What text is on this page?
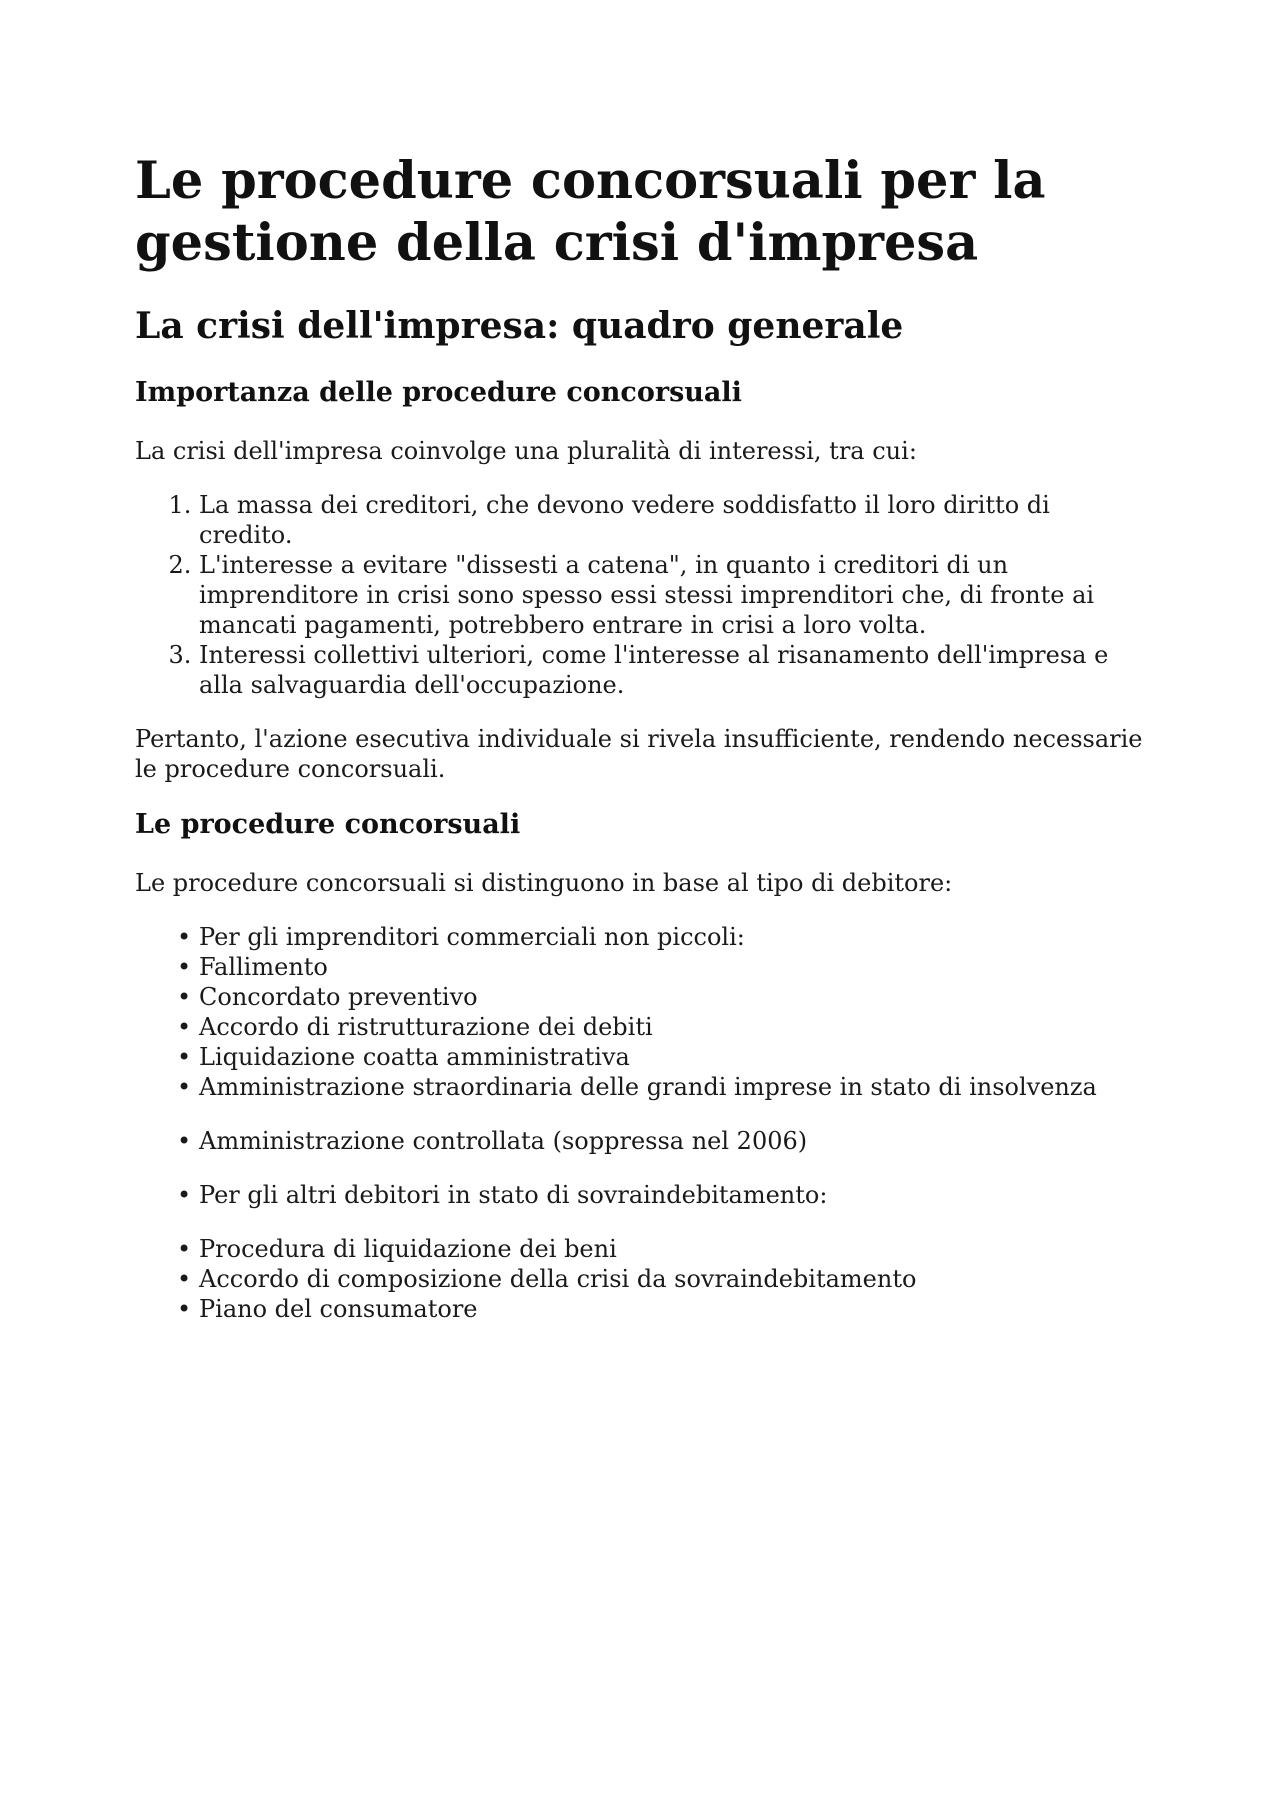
Le procedure concorsuali per la gestione della crisi d'impresa
La crisi dell'impresa: quadro generale
Importanza delle procedure concorsuali

La crisi dell'impresa coinvolge una pluralità di interessi, tra cui:

1. La massa dei creditori, che devono vedere soddisfatto il loro diritto di credito.
2. L'interesse a evitare "dissesti a catena", in quanto i creditori di un imprenditore in crisi sono spesso essi stessi imprenditori che, di fronte ai mancati pagamenti, potrebbero entrare in crisi a loro volta.
3. Interessi collettivi ulteriori, come l'interesse al risanamento dell'impresa e alla salvaguardia dell'occupazione.

Pertanto, l'azione esecutiva individuale si rivela insufficiente, rendendo necessarie le procedure concorsuali.

Le procedure concorsuali

Le procedure concorsuali si distinguono in base al tipo di debitore:

• Per gli imprenditori commerciali non piccoli:
• Fallimento
• Concordato preventivo
• Accordo di ristrutturazione dei debiti
• Liquidazione coatta amministrativa
• Amministrazione straordinaria delle grandi imprese in stato di insolvenza
• Amministrazione controllata (soppressa nel 2006)
• Per gli altri debitori in stato di sovraindebitamento:
• Procedura di liquidazione dei beni
• Accordo di composizione della crisi da sovraindebitamento
• Piano del consumatore
